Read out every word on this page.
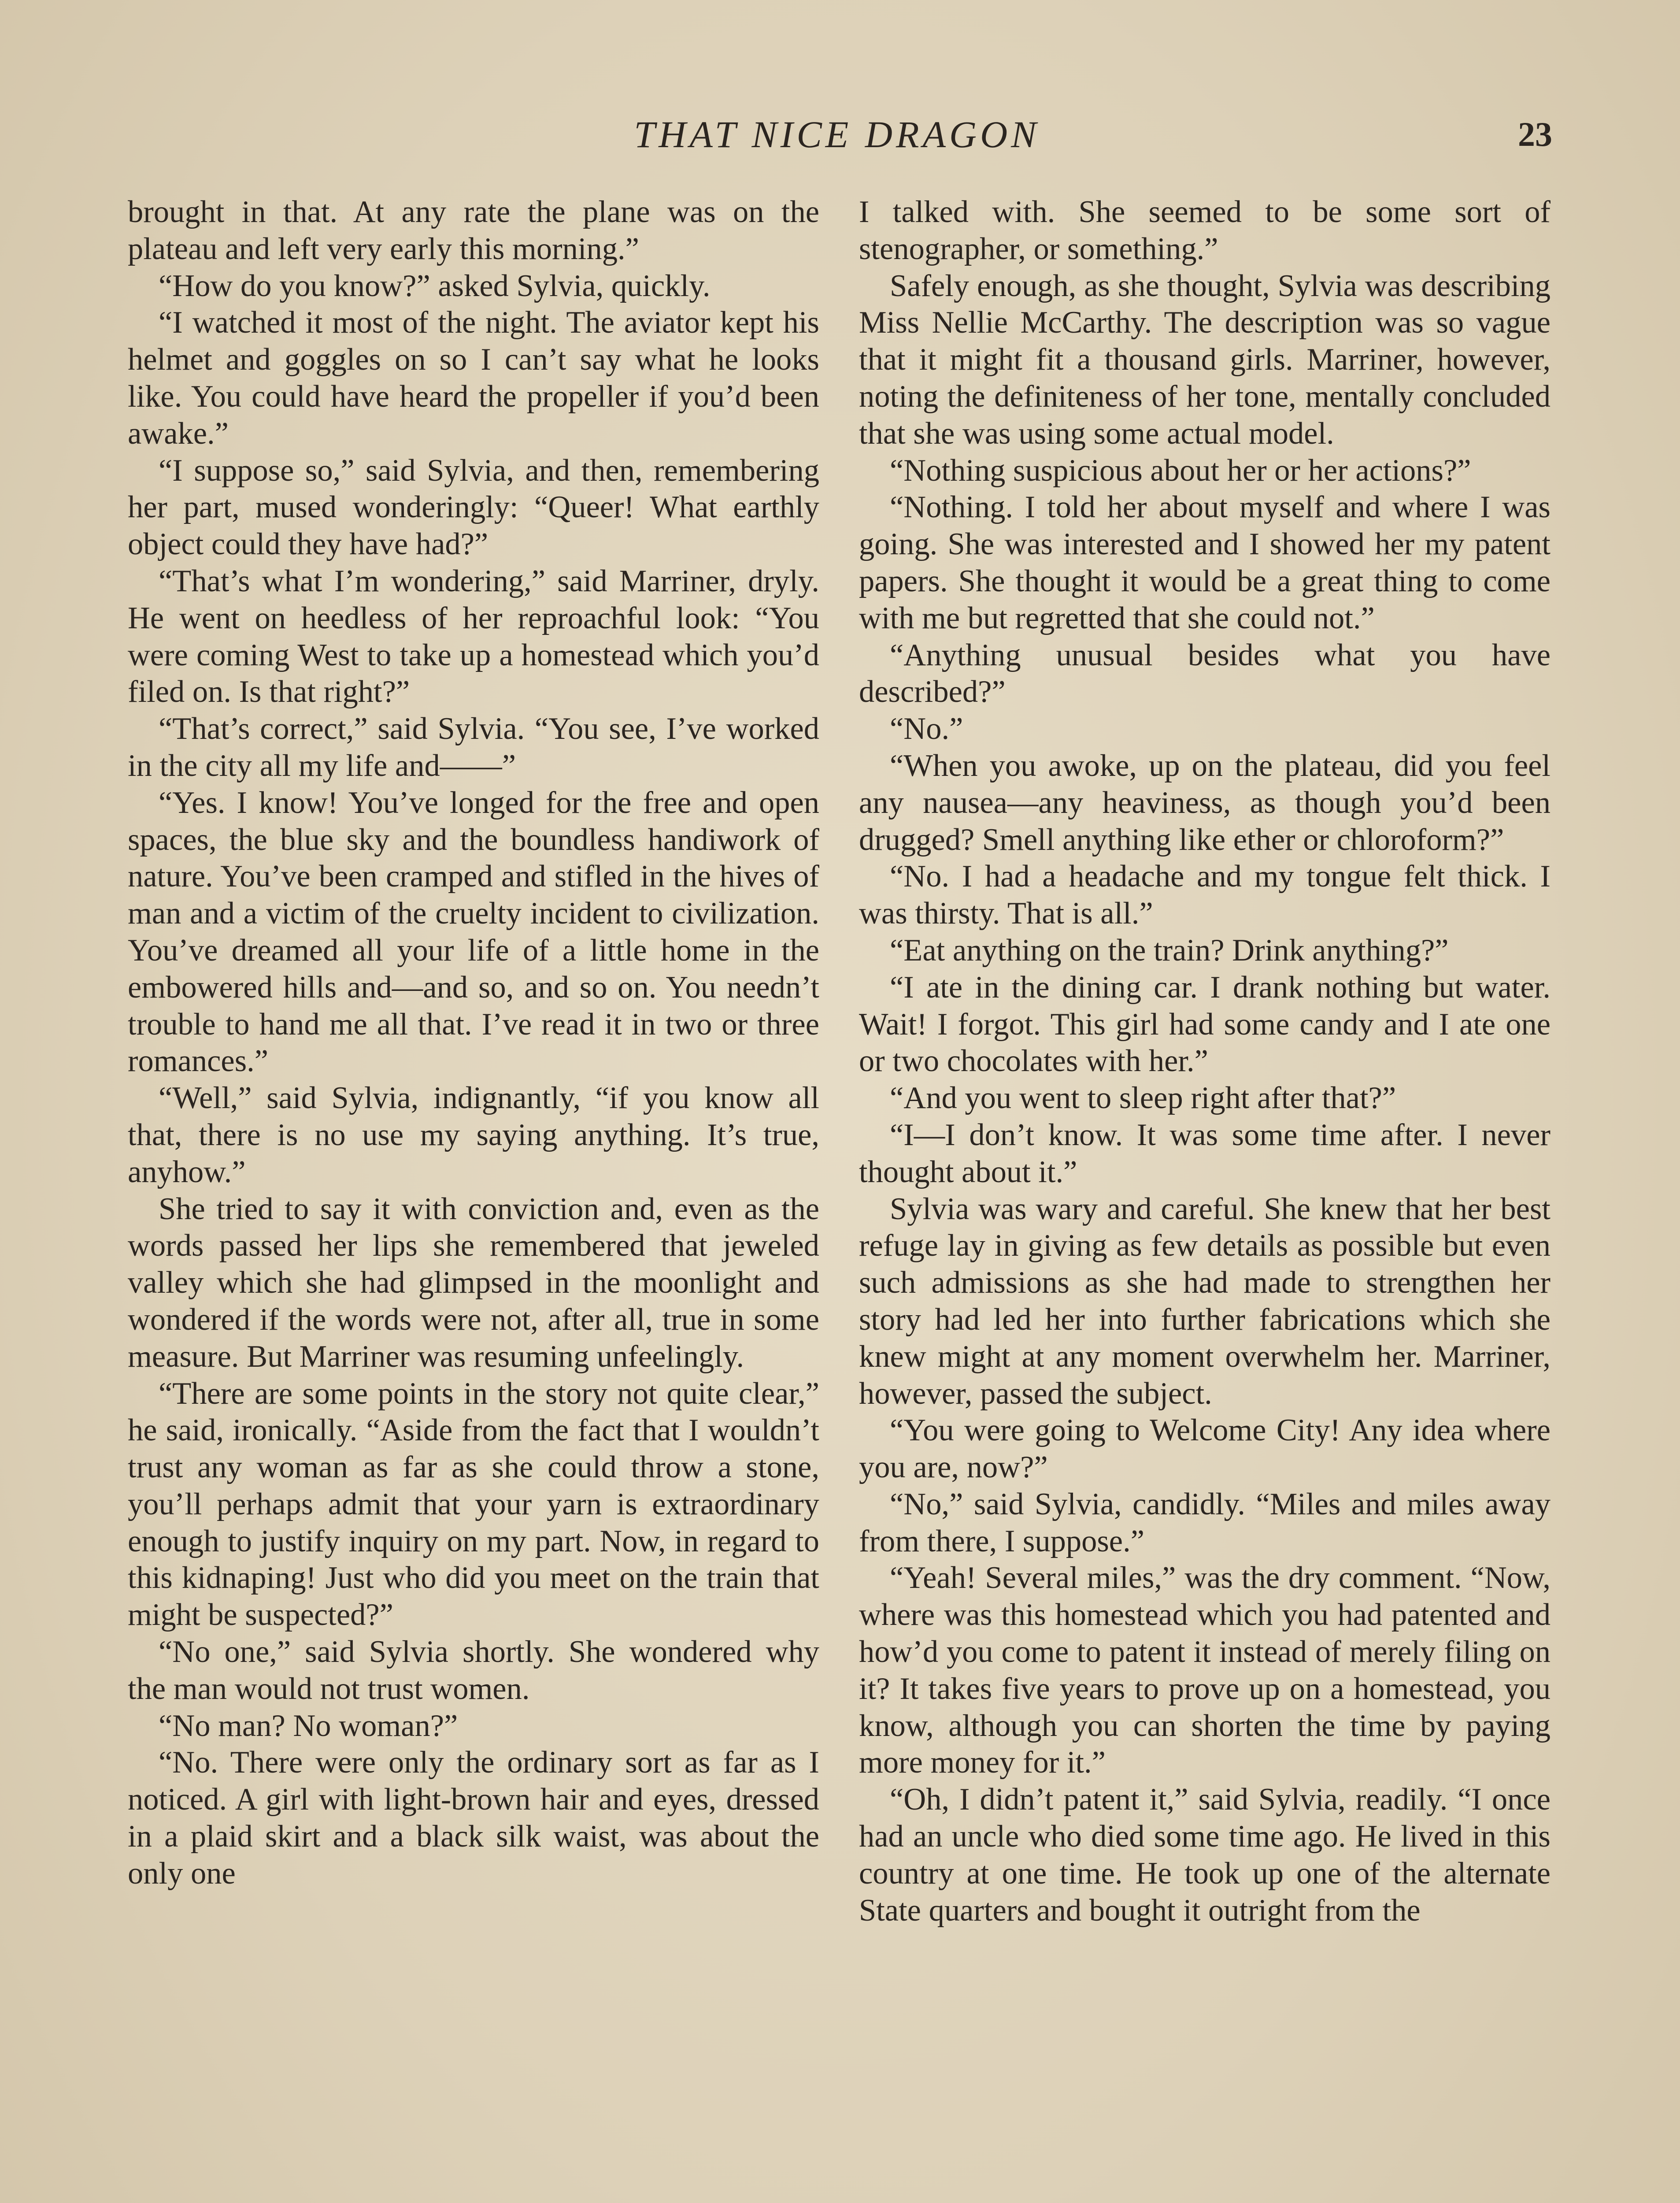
THAT NICE DRAGON	23

brought in that. At any rate the plane was on the plateau and left very early this morning.”

“How do you know?” asked Sylvia, quickly.

“I watched it most of the night. The aviator kept his helmet and goggles on so I can’t say what he looks like. You could have heard the propeller if you’d been awake.”

“I suppose so,” said Sylvia, and then, remembering her part, mused wonderingly: “Queer! What earthly object could they have had?”

“That’s what I’m wondering,” said Marriner, dryly. He went on heedless of her reproachful look: “You were coming West to take up a homestead which you’d filed on. Is that right?”

“That’s correct,” said Sylvia. “You see, I’ve worked in the city all my life and——”

“Yes. I know! You’ve longed for the free and open spaces, the blue sky and the boundless handiwork of nature. You’ve been cramped and stifled in the hives of man and a victim of the cruelty incident to civilization. You’ve dreamed all your life of a little home in the embowered hills and—and so, and so on. You needn’t trouble to hand me all that. I’ve read it in two or three romances.”

“Well,” said Sylvia, indignantly, “if you know all that, there is no use my saying anything. It’s true, anyhow.”

She tried to say it with conviction and, even as the words passed her lips she remembered that jeweled valley which she had glimpsed in the moonlight and wondered if the words were not, after all, true in some measure. But Marriner was resuming unfeelingly.

“There are some points in the story not quite clear,” he said, ironically. “Aside from the fact that I wouldn’t trust any woman as far as she could throw a stone, you’ll perhaps admit that your yarn is extraordinary enough to justify inquiry on my part. Now, in regard to this kidnaping! Just who did you meet on the train that might be suspected?”

“No one,” said Sylvia shortly. She wondered why the man would not trust women.

“No man? No woman?”

“No. There were only the ordinary sort as far as I noticed. A girl with light-brown hair and eyes, dressed in a plaid skirt and a black silk waist, was about the only one

I talked with. She seemed to be some sort of stenographer, or something.”

Safely enough, as she thought, Sylvia was describing Miss Nellie McCarthy. The description was so vague that it might fit a thousand girls. Marriner, however, noting the definiteness of her tone, mentally concluded that she was using some actual model.

“Nothing suspicious about her or her actions?”

“Nothing. I told her about myself and where I was going. She was interested and I showed her my patent papers. She thought it would be a great thing to come with me but regretted that she could not.”

“Anything unusual besides what you have described?”

“No.”

“When you awoke, up on the plateau, did you feel any nausea—any heaviness, as though you’d been drugged? Smell anything like ether or chloroform?”

“No. I had a headache and my tongue felt thick. I was thirsty. That is all.”

“Eat anything on the train? Drink anything?”

“I ate in the dining car. I drank nothing but water. Wait! I forgot. This girl had some candy and I ate one or two chocolates with her.”

“And you went to sleep right after that?”

“I—I don’t know. It was some time after. I never thought about it.”

Sylvia was wary and careful. She knew that her best refuge lay in giving as few details as possible but even such admissions as she had made to strengthen her story had led her into further fabrications which she knew might at any moment overwhelm her. Marriner, however, passed the subject.

“You were going to Welcome City! Any idea where you are, now?”

“No,” said Sylvia, candidly. “Miles and miles away from there, I suppose.”

“Yeah! Several miles,” was the dry comment. “Now, where was this homestead which you had patented and how’d you come to patent it instead of merely filing on it? It takes five years to prove up on a homestead, you know, although you can shorten the time by paying more money for it.”

“Oh, I didn’t patent it,” said Sylvia, readily. “I once had an uncle who died some time ago. He lived in this country at one time. He took up one of the alternate State quarters and bought it outright from the
